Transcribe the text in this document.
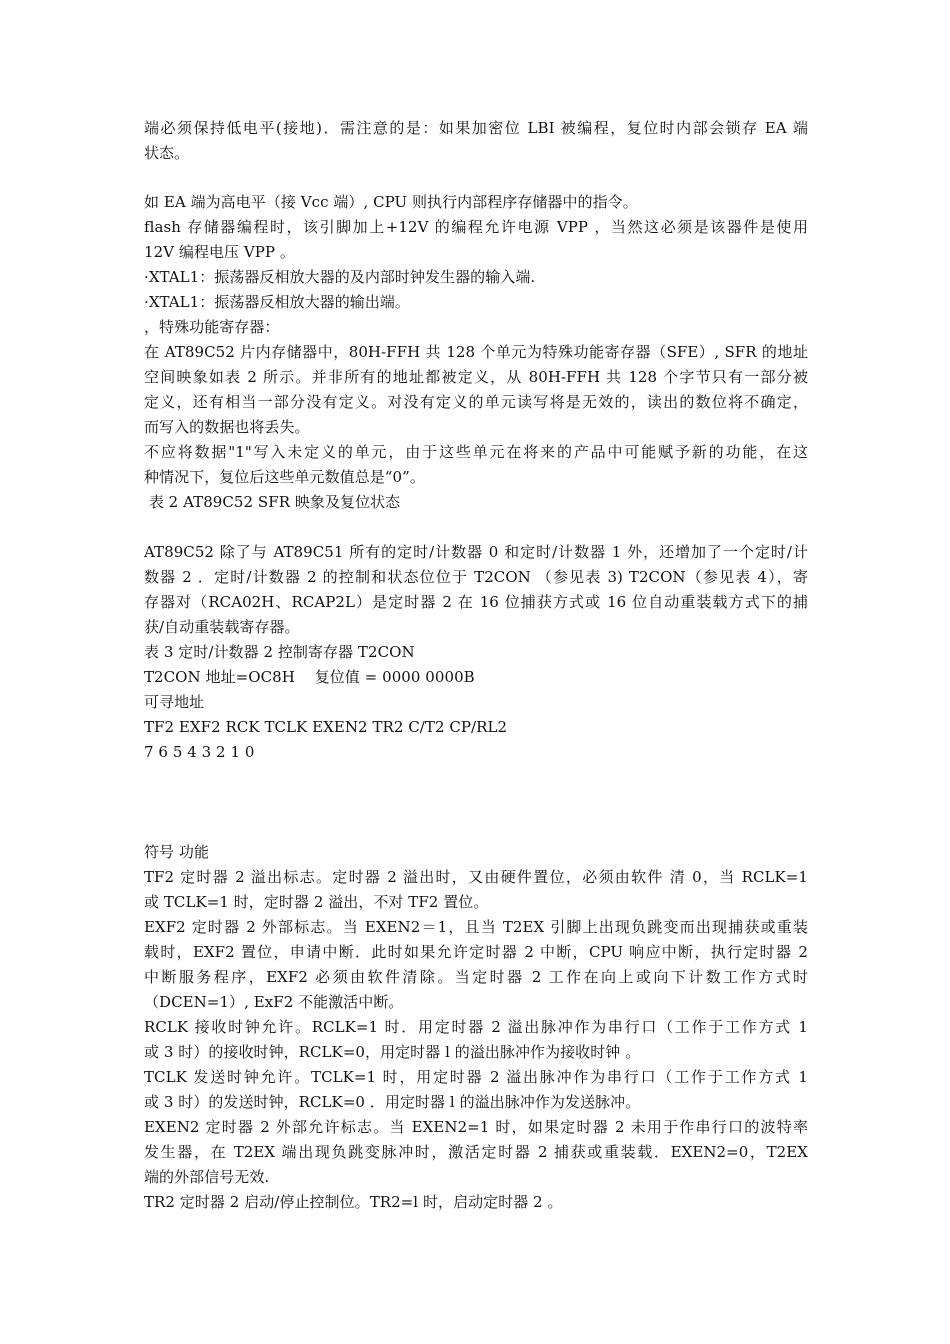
端必须保持低电平(接地)．需注意的是：如果加密位 LBI 被编程，复位时内部会锁存 EA 端
状态。
如 EA 端为高电平（接 Vcc 端）, CPU 则执行内部程序存储器中的指令。
flash 存储器编程时，该引脚加上+12V 的编程允许电源 VPP ，当然这必须是该器件是使用
12V 编程电压 VPP 。
·XTAL1：振荡器反相放大器的及内部时钟发生器的输入端.
·XTAL1：振荡器反相放大器的输出端。
，特殊功能寄存器：
在 AT89C52 片内存储器中，80H-FFH 共 128 个单元为特殊功能寄存器（SFE）, SFR 的地址
空间映象如表 2 所示。并非所有的地址都被定义，从 80H-FFH 共 128 个字节只有一部分被
定义，还有相当一部分没有定义。对没有定义的单元读写将是无效的，读出的数位将不确定，
而写入的数据也将丢失。
不应将数据"1"写入未定义的单元，由于这些单元在将来的产品中可能赋予新的功能，在这
种情况下，复位后这些单元数值总是“0”。
表 2 AT89C52 SFR 映象及复位状态
AT89C52 除了与 AT89C51 所有的定时/计数器 0 和定时/计数器 1 外，还增加了一个定时/计
数器 2 ．定时/计数器 2 的控制和状态位位于 T2CON （参见表 3) T2CON（参见表 4），寄
存器对（RCA02H、RCAP2L）是定时器 2 在 16 位捕获方式或 16 位自动重装载方式下的捕
获/自动重装载寄存器。
表 3 定时/计数器 2 控制寄存器 T2CON
T2CON 地址=OC8H 　复位值 = 0000 0000B
可寻地址
TF2 EXF2 RCK TCLK EXEN2 TR2 C/T2 CP/RL2
7 6 5 4 3 2 1 0
符号 功能
TF2 定时器 2 溢出标志。定时器 2 溢出时，又由硬件置位，必须由软件 清 0，当 RCLK=1
或 TCLK=1 时，定时器 2 溢出，不对 TF2 置位。
EXF2 定时器 2 外部标志。当 EXEN2＝1，且当 T2EX 引脚上出现负跳变而出现捕获或重装
载时，EXF2 置位，申请中断．此时如果允许定时器 2 中断，CPU 响应中断，执行定时器 2
中断服务程序，EXF2 必须由软件清除。当定时器 2 工作在向上或向下计数工作方式时
（DCEN=1）, ExF2 不能激活中断。
RCLK 接收时钟允许。RCLK=1 时．用定时器 2 溢出脉冲作为串行口（工作于工作方式 1
或 3 时）的接收时钟，RCLK=0，用定时器 l 的溢出脉冲作为接收时钟 。
TCLK 发送时钟允许。TCLK=1 时，用定时器 2 溢出脉冲作为串行口（工作于工作方式 1
或 3 时）的发送时钟，RCLK=0 ．用定时器 l 的溢出脉冲作为发送脉冲。
EXEN2 定时器 2 外部允许标志。当 EXEN2=1 时，如果定时器 2 未用于作串行口的波特率
发生器，在 T2EX 端出现负跳变脉冲时，激活定时器 2 捕获或重装载．EXEN2=0，T2EX
端的外部信号无效.
TR2 定时器 2 启动/停止控制位。TR2=l 时，启动定时器 2 。
